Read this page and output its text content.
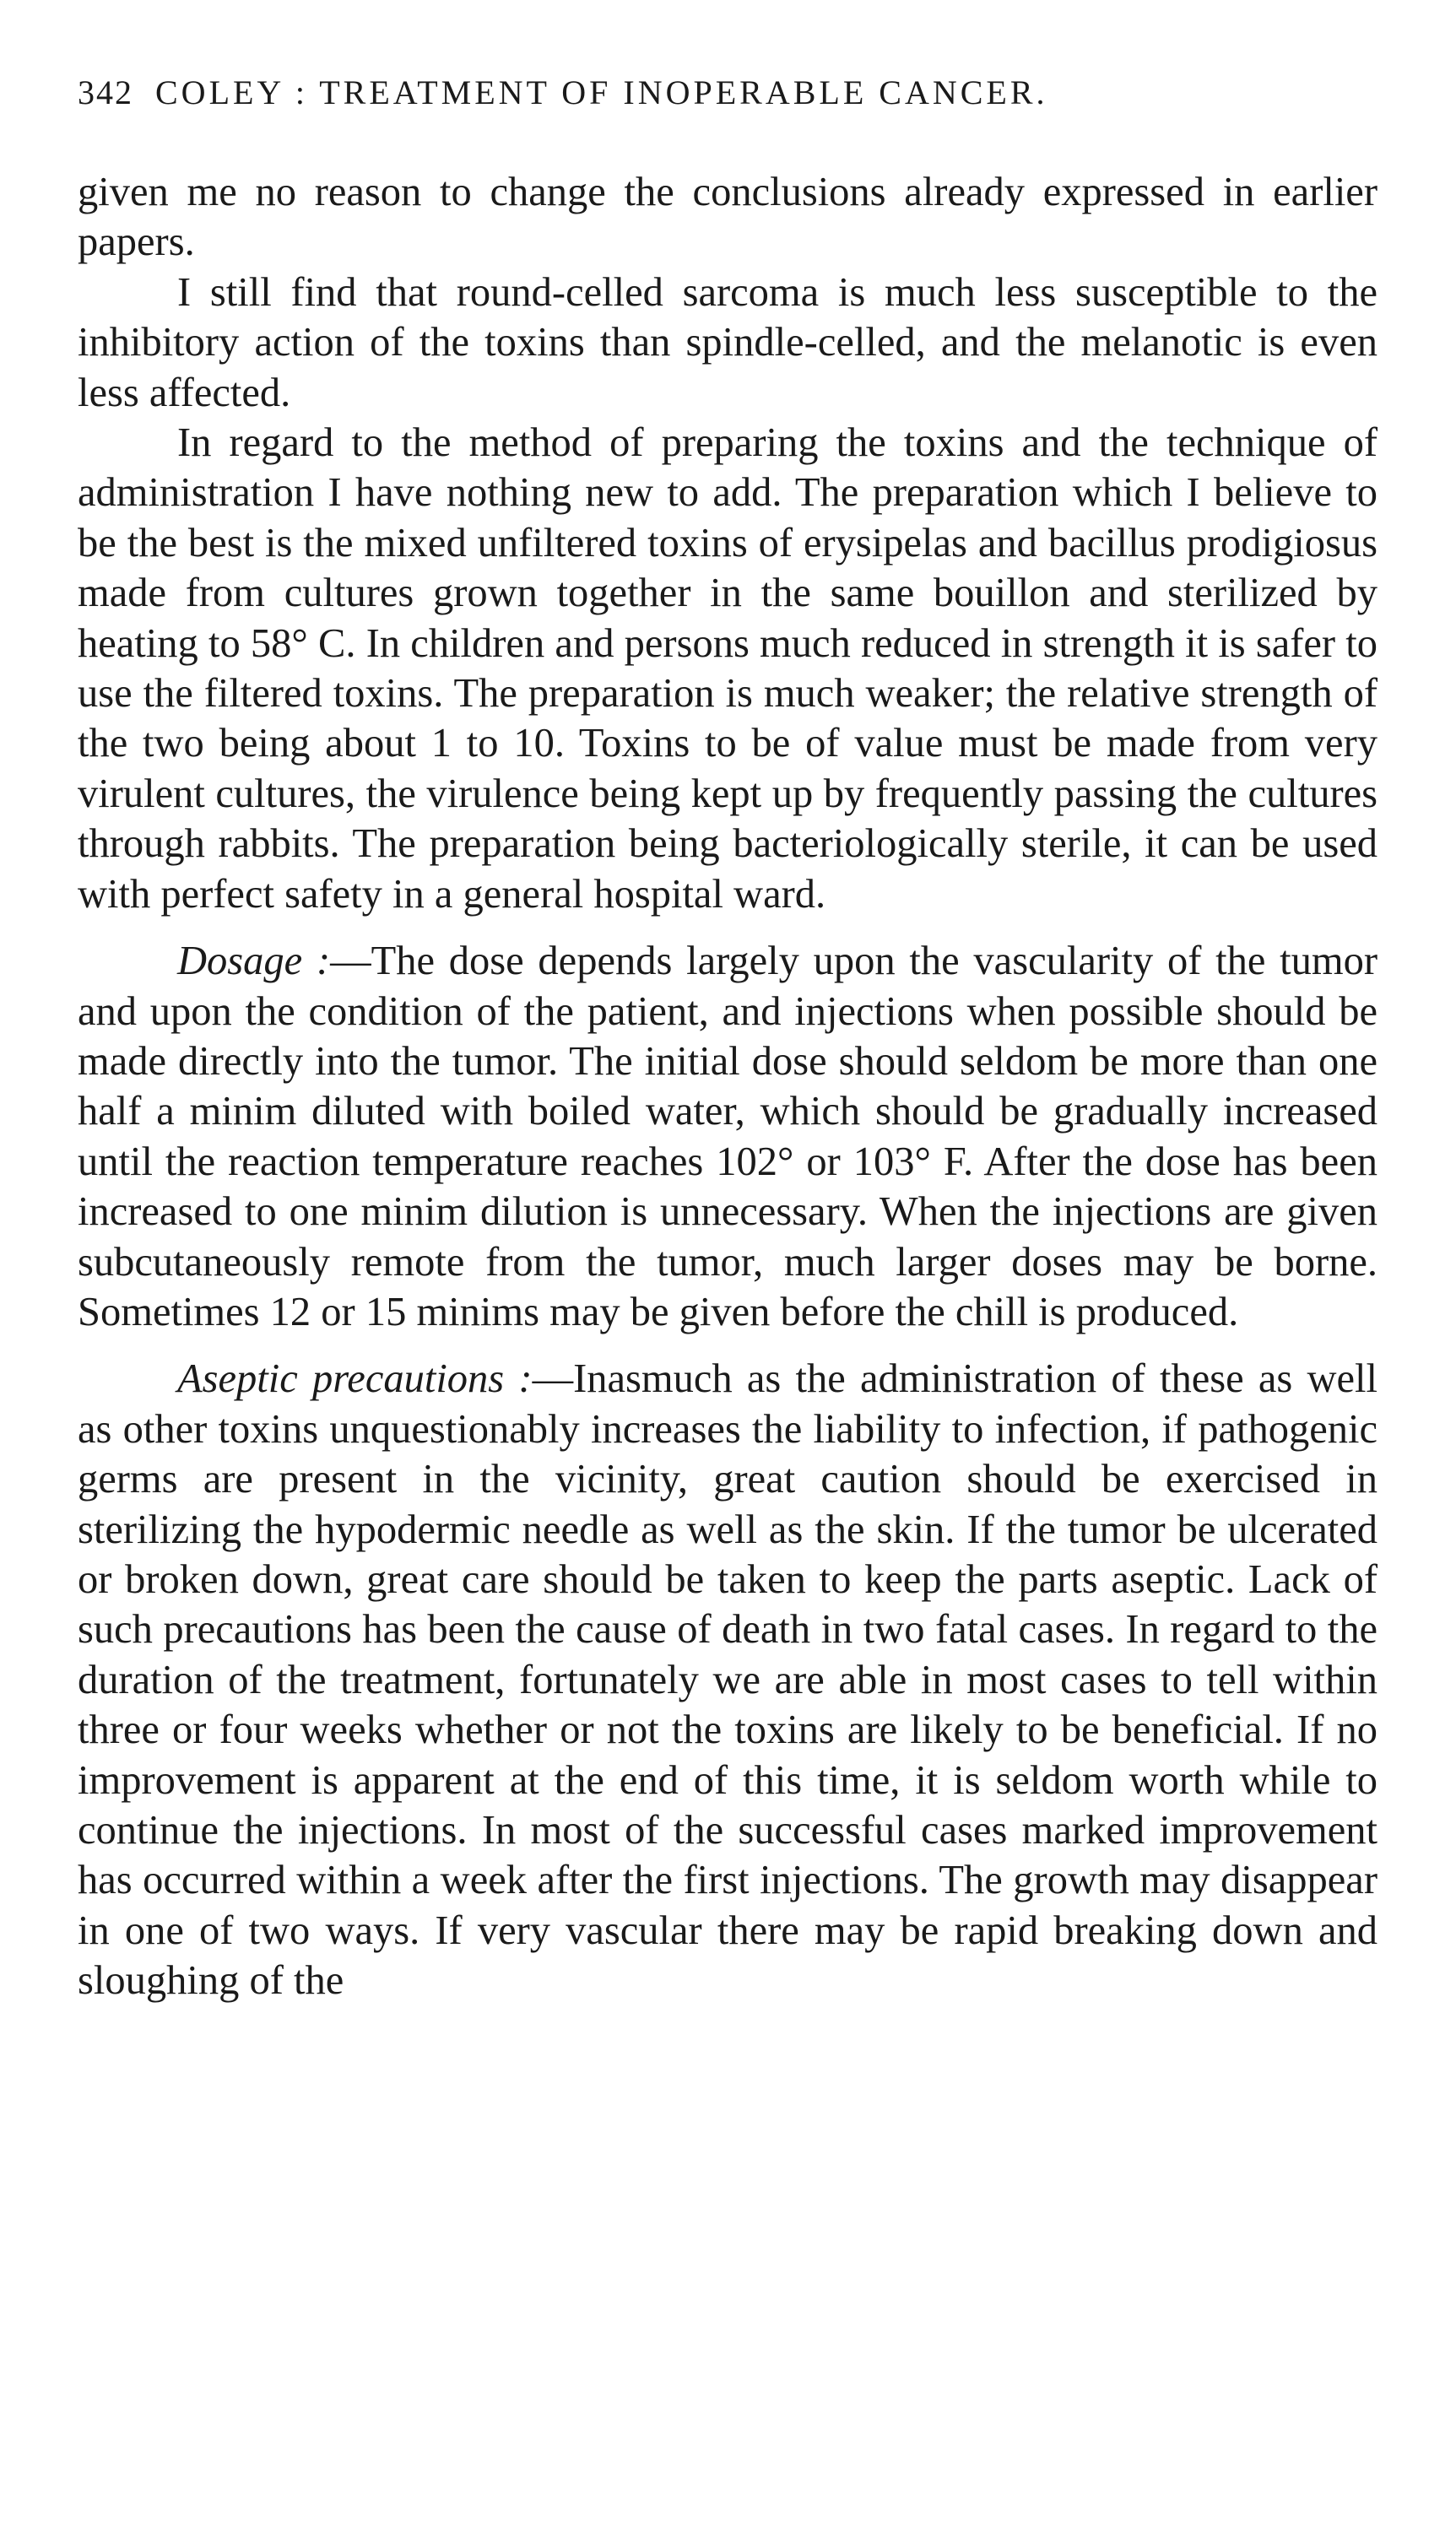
342 COLEY : TREATMENT OF INOPERABLE CANCER.

given me no reason to change the conclusions already expressed in earlier papers.

I still find that round-celled sarcoma is much less susceptible to the inhibitory action of the toxins than spindle-celled, and the melanotic is even less affected.

In regard to the method of preparing the toxins and the technique of administration I have nothing new to add. The preparation which I believe to be the best is the mixed unfiltered toxins of erysipelas and bacillus prodigiosus made from cultures grown together in the same bouillon and sterilized by heating to 58° C. In children and persons much reduced in strength it is safer to use the filtered toxins. The preparation is much weaker; the relative strength of the two being about 1 to 10. Toxins to be of value must be made from very virulent cultures, the virulence being kept up by frequently passing the cultures through rabbits. The preparation being bacteriologically sterile, it can be used with perfect safety in a general hospital ward.

Dosage :—The dose depends largely upon the vascularity of the tumor and upon the condition of the patient, and injections when possible should be made directly into the tumor. The initial dose should seldom be more than one half a minim diluted with boiled water, which should be gradually increased until the reaction temperature reaches 102° or 103° F. After the dose has been increased to one minim dilution is unnecessary. When the injections are given subcutaneously remote from the tumor, much larger doses may be borne. Sometimes 12 or 15 minims may be given before the chill is produced.

Aseptic precautions :—Inasmuch as the administration of these as well as other toxins unquestionably increases the liability to infection, if pathogenic germs are present in the vicinity, great caution should be exercised in sterilizing the hypodermic needle as well as the skin. If the tumor be ulcerated or broken down, great care should be taken to keep the parts aseptic. Lack of such precautions has been the cause of death in two fatal cases. In regard to the duration of the treatment, fortunately we are able in most cases to tell within three or four weeks whether or not the toxins are likely to be beneficial. If no improvement is apparent at the end of this time, it is seldom worth while to continue the injections. In most of the successful cases marked improvement has occurred within a week after the first injections. The growth may disappear in one of two ways. If very vascular there may be rapid breaking down and sloughing of the
